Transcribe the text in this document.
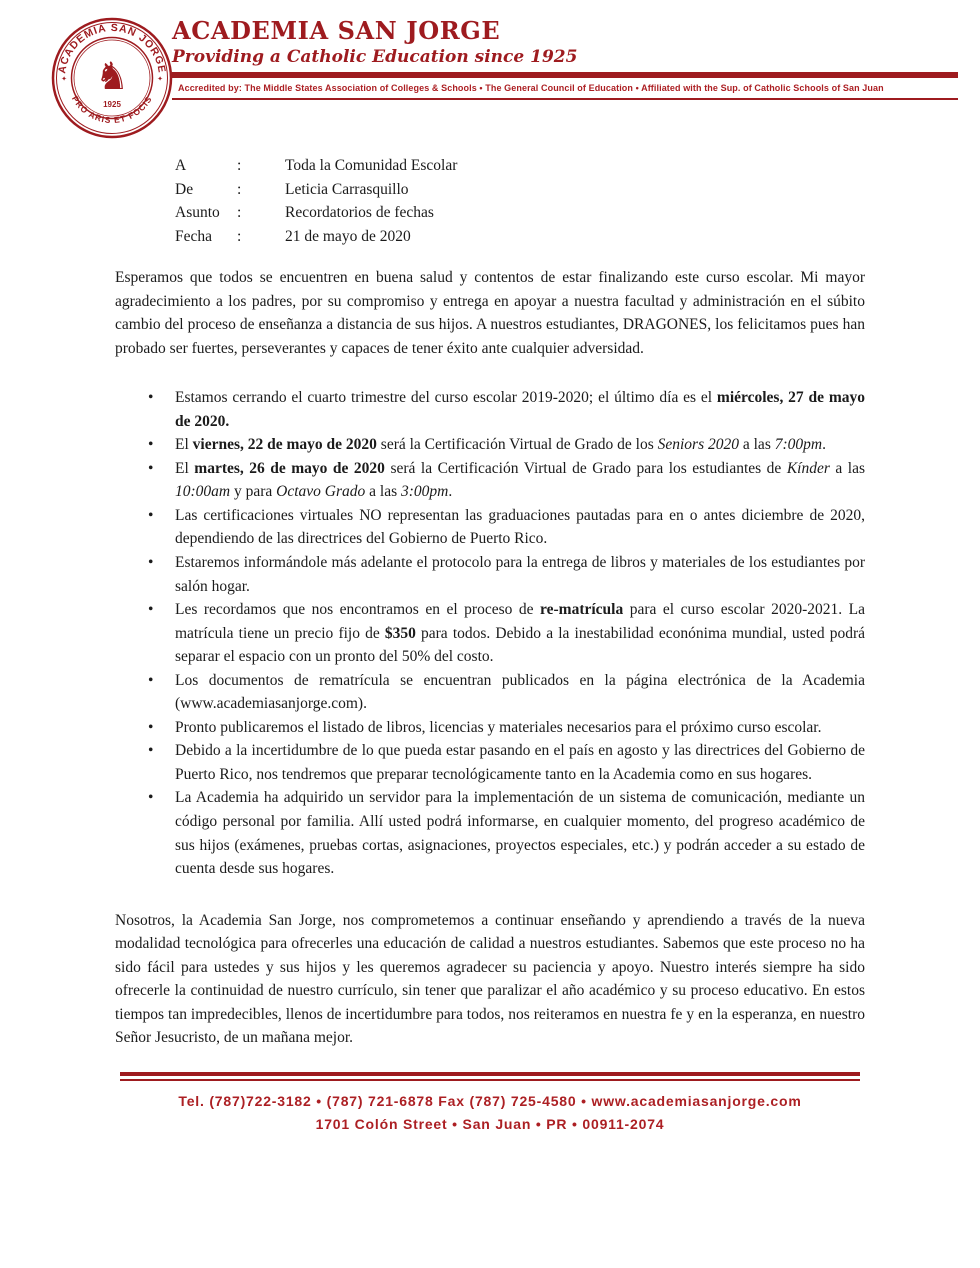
ACADEMIA SAN JORGE
PRO ARIS ET FOCIS
✦	✦
♞
1925
ACADEMIA SAN JORGE
Providing a Catholic Education since 1925
Accredited by: The Middle States Association of Colleges & Schools • The General Council of Education • Affiliated with the Sup. of Catholic Schools of San Juan
A	:	Toda la Comunidad Escolar
De	:	Leticia Carrasquillo
Asunto	:	Recordatorios de fechas
Fecha	:	21 de mayo de 2020

Esperamos que todos se encuentren en buena salud y contentos de estar finalizando este curso escolar. Mi mayor agradecimiento a los padres, por su compromiso y entrega en apoyar a nuestra facultad y administración en el súbito cambio del proceso de enseñanza a distancia de sus hijos. A nuestros estudiantes, DRAGONES, los felicitamos pues han probado ser fuertes, perseverantes y capaces de tener éxito ante cualquier adversidad.

• Estamos cerrando el cuarto trimestre del curso escolar 2019-2020; el último día es el miércoles, 27 de mayo de 2020.
• El viernes, 22 de mayo de 2020 será la Certificación Virtual de Grado de los Seniors 2020 a las 7:00pm.
• El martes, 26 de mayo de 2020 será la Certificación Virtual de Grado para los estudiantes de Kínder a las 10:00am y para Octavo Grado a las 3:00pm.
• Las certificaciones virtuales NO representan las graduaciones pautadas para en o antes diciembre de 2020, dependiendo de las directrices del Gobierno de Puerto Rico.
• Estaremos informándole más adelante el protocolo para la entrega de libros y materiales de los estudiantes por salón hogar.
• Les recordamos que nos encontramos en el proceso de re-matrícula para el curso escolar 2020-2021. La matrícula tiene un precio fijo de $350 para todos. Debido a la inestabilidad econónima mundial, usted podrá separar el espacio con un pronto del 50% del costo.
• Los documentos de rematrícula se encuentran publicados en la página electrónica de la Academia (www.academiasanjorge.com).
• Pronto publicaremos el listado de libros, licencias y materiales necesarios para el próximo curso escolar.
• Debido a la incertidumbre de lo que pueda estar pasando en el país en agosto y las directrices del Gobierno de Puerto Rico, nos tendremos que preparar tecnológicamente tanto en la Academia como en sus hogares.
• La Academia ha adquirido un servidor para la implementación de un sistema de comunicación, mediante un código personal por familia. Allí usted podrá informarse, en cualquier momento, del progreso académico de sus hijos (exámenes, pruebas cortas, asignaciones, proyectos especiales, etc.) y podrán acceder a su estado de cuenta desde sus hogares.

Nosotros, la Academia San Jorge, nos comprometemos a continuar enseñando y aprendiendo a través de la nueva modalidad tecnológica para ofrecerles una educación de calidad a nuestros estudiantes. Sabemos que este proceso no ha sido fácil para ustedes y sus hijos y les queremos agradecer su paciencia y apoyo. Nuestro interés siempre ha sido ofrecerle la continuidad de nuestro currículo, sin tener que paralizar el año académico y su proceso educativo. En estos tiempos tan impredecibles, llenos de incertidumbre para todos, nos reiteramos en nuestra fe y en la esperanza, en nuestro Señor Jesucristo, de un mañana mejor.

Tel. (787)722-3182 • (787) 721-6878 Fax (787) 725-4580 • www.academiasanjorge.com
1701 Colón Street • San Juan • PR • 00911-2074
